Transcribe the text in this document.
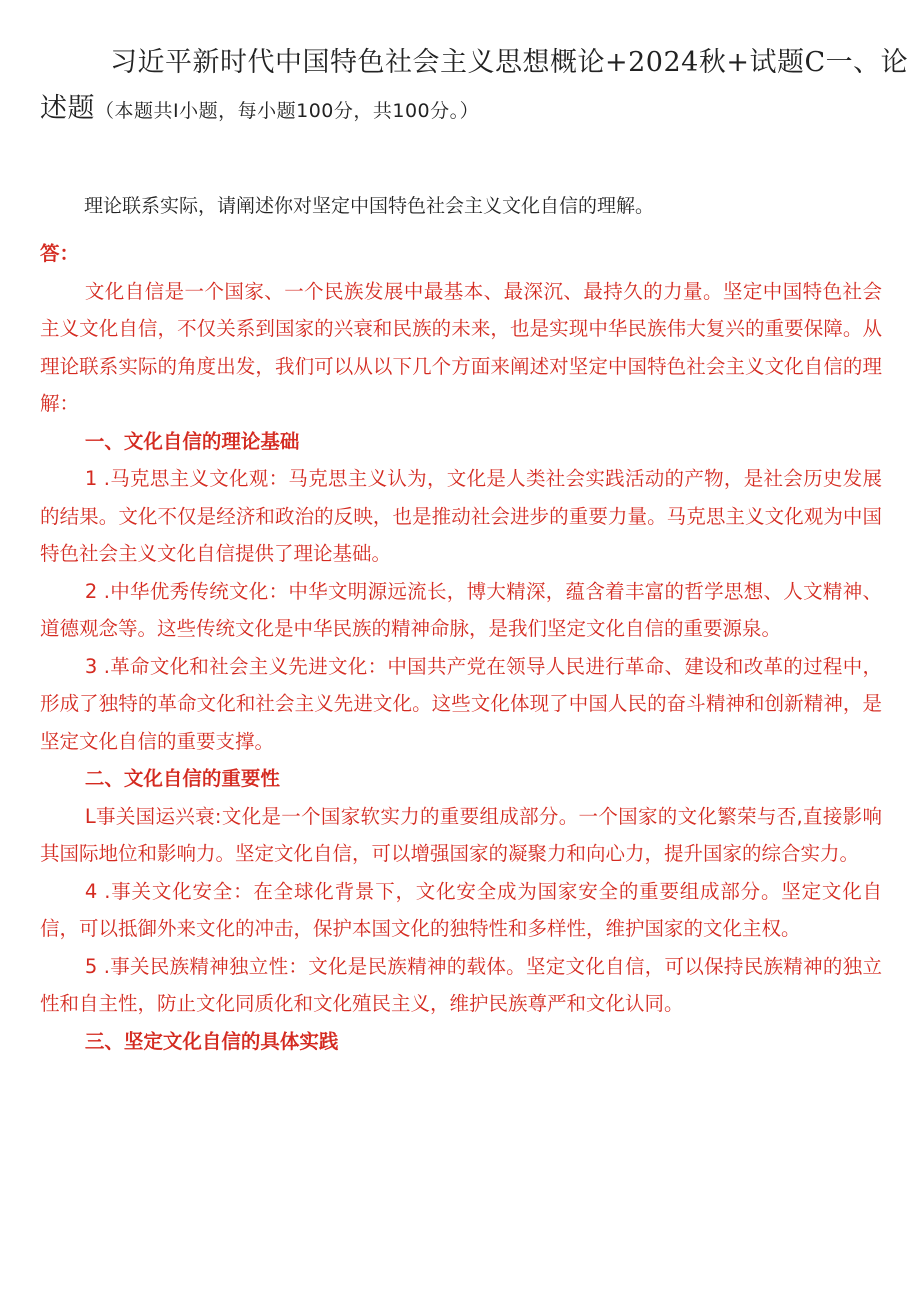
习近平新时代中国特色社会主义思想概论+2024秋+试题C一、论
述题（本题共I小题，每小题100分，共100分。）
理论联系实际，请阐述你对坚定中国特色社会主义文化自信的理解。

答：

文化自信是一个国家、一个民族发展中最基本、最深沉、最持久的力量。坚定中国特色社会主义文化自信，不仅关系到国家的兴衰和民族的未来，也是实现中华民族伟大复兴的重要保障。从理论联系实际的角度出发，我们可以从以下几个方面来阐述对坚定中国特色社会主义文化自信的理解：

一、文化自信的理论基础

1 .马克思主义文化观：马克思主义认为，文化是人类社会实践活动的产物，是社会历史发展的结果。文化不仅是经济和政治的反映，也是推动社会进步的重要力量。马克思主义文化观为中国特色社会主义文化自信提供了理论基础。

2 .中华优秀传统文化：中华文明源远流长，博大精深，蕴含着丰富的哲学思想、人文精神、道德观念等。这些传统文化是中华民族的精神命脉，是我们坚定文化自信的重要源泉。

3 .革命文化和社会主义先进文化：中国共产党在领导人民进行革命、建设和改革的过程中，形成了独特的革命文化和社会主义先进文化。这些文化体现了中国人民的奋斗精神和创新精神，是坚定文化自信的重要支撑。

二、文化自信的重要性

L事关国运兴衰:文化是一个国家软实力的重要组成部分。一个国家的文化繁荣与否,直接影响其国际地位和影响力。坚定文化自信，可以增强国家的凝聚力和向心力，提升国家的综合实力。

4 .事关文化安全：在全球化背景下，文化安全成为国家安全的重要组成部分。坚定文化自信，可以抵御外来文化的冲击，保护本国文化的独特性和多样性，维护国家的文化主权。

5 .事关民族精神独立性：文化是民族精神的载体。坚定文化自信，可以保持民族精神的独立性和自主性，防止文化同质化和文化殖民主义，维护民族尊严和文化认同。

三、坚定文化自信的具体实践
